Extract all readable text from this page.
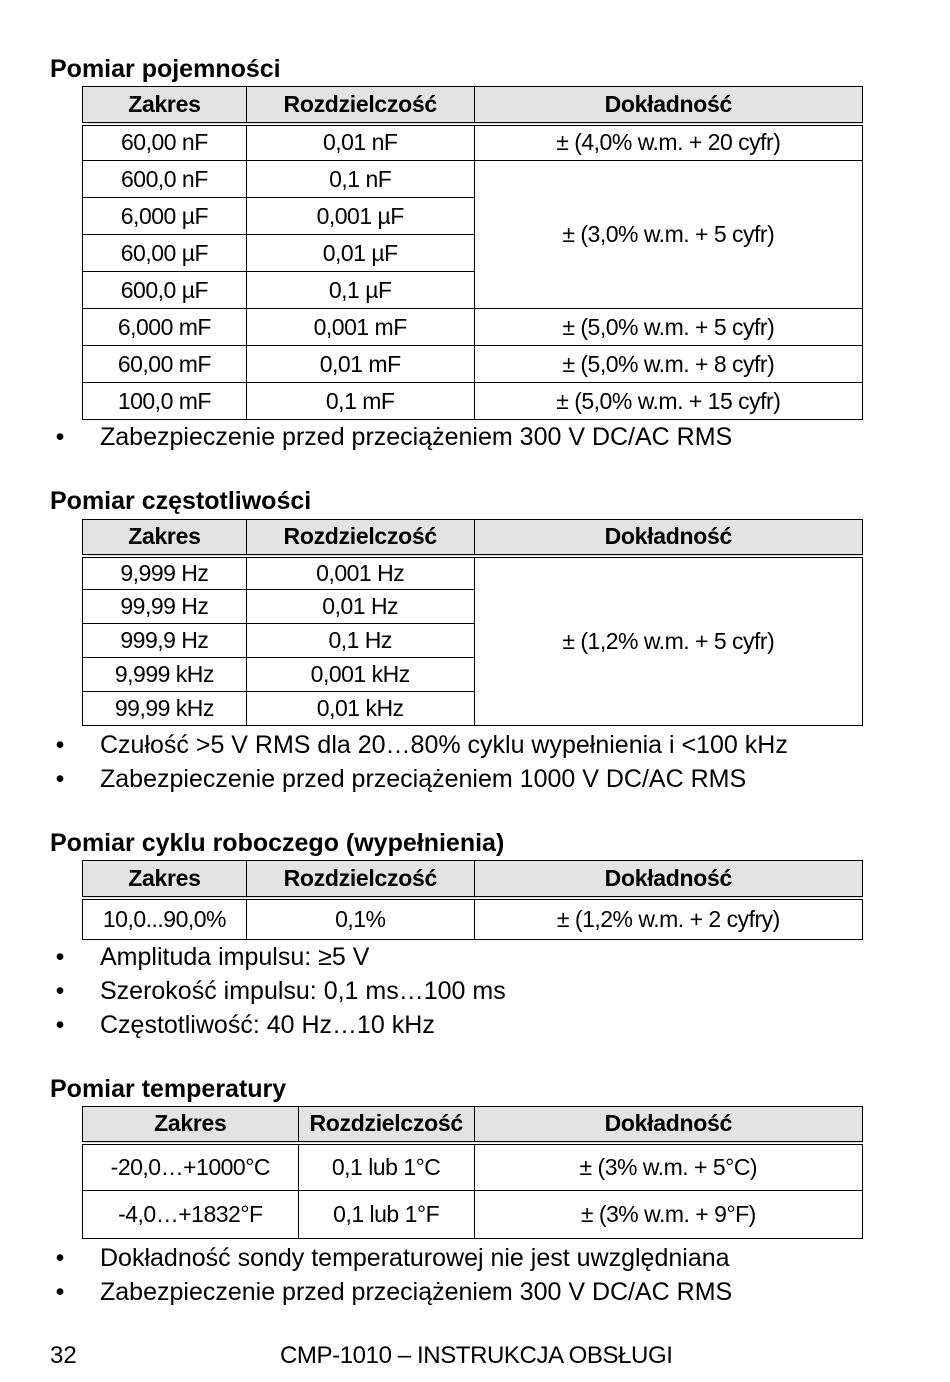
Pomiar pojemności
Zakres	Rozdzielczość	Dokładność
60,00 nF	0,01 nF	± (4,0% w.m. + 20 cyfr)
600,0 nF	0,1 nF	± (3,0% w.m. + 5 cyfr)
6,000 µF	0,001 µF	
60,00 µF	0,01 µF	
600,0 µF	0,1 µF	
6,000 mF	0,001 mF	± (5,0% w.m. + 5 cyfr)
60,00 mF	0,01 mF	± (5,0% w.m. + 8 cyfr)
100,0 mF	0,1 mF	± (5,0% w.m. + 15 cyfr)
• Zabezpieczenie przed przeciążeniem 300 V DC/AC RMS
Pomiar częstotliwości
Zakres	Rozdzielczość	Dokładność
9,999 Hz	0,001 Hz	± (1,2% w.m. + 5 cyfr)
99,99 Hz	0,01 Hz	
999,9 Hz	0,1 Hz	
9,999 kHz	0,001 kHz	
99,99 kHz	0,01 kHz	
• Czułość >5 V RMS dla 20…80% cyklu wypełnienia i <100 kHz
• Zabezpieczenie przed przeciążeniem 1000 V DC/AC RMS
Pomiar cyklu roboczego (wypełnienia)
Zakres	Rozdzielczość	Dokładność
10,0...90,0%	0,1%	± (1,2% w.m. + 2 cyfry)
• Amplituda impulsu: ≥5 V
• Szerokość impulsu: 0,1 ms…100 ms
• Częstotliwość: 40 Hz…10 kHz
Pomiar temperatury
Zakres	Rozdzielczość	Dokładność
-20,0…+1000°C	0,1 lub 1°C	± (3% w.m. + 5°C)
-4,0…+1832°F	0,1 lub 1°F	± (3% w.m. + 9°F)
• Dokładność sondy temperaturowej nie jest uwzględniana
• Zabezpieczenie przed przeciążeniem 300 V DC/AC RMS
32	CMP-1010 – INSTRUKCJA OBSŁUGI
